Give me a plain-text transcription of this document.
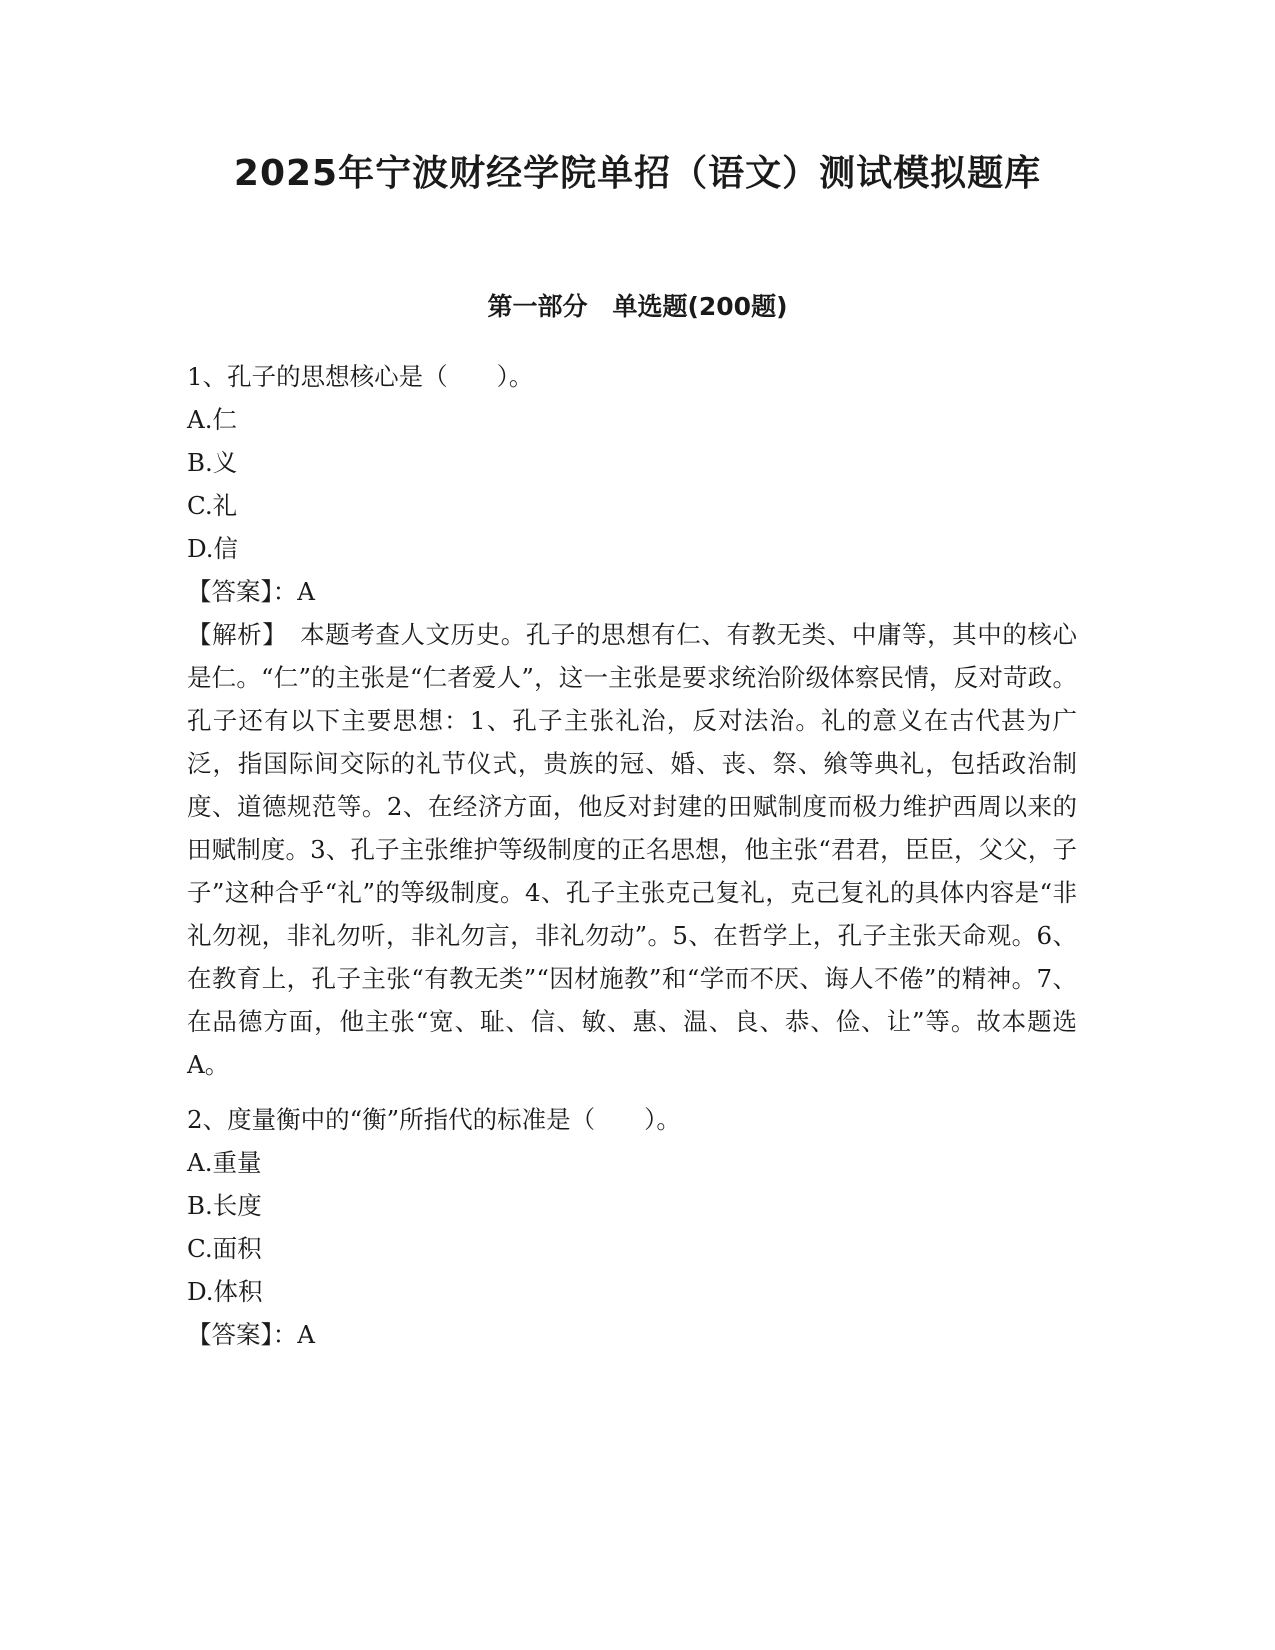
2025年宁波财经学院单招（语文）测试模拟题库
第一部分　单选题(200题)
1、孔子的思想核心是（　　）。
A.仁
B.义
C.礼
D.信
【答案】：A
【解析】　本题考查人文历史。孔子的思想有仁、有教无类、中庸等，其中的核心是仁。“仁”的主张是“仁者爱人”，这一主张是要求统治阶级体察民情，反对苛政。孔子还有以下主要思想：1、孔子主张礼治，反对法治。礼的意义在古代甚为广泛，指国际间交际的礼节仪式，贵族的冠、婚、丧、祭、飨等典礼，包括政治制度、道德规范等。2、在经济方面，他反对封建的田赋制度而极力维护西周以来的田赋制度。3、孔子主张维护等级制度的正名思想，他主张“君君，臣臣，父父，子子”这种合乎“礼”的等级制度。4、孔子主张克己复礼，克己复礼的具体内容是“非礼勿视，非礼勿听，非礼勿言，非礼勿动”。5、在哲学上，孔子主张天命观。6、在教育上，孔子主张“有教无类”“因材施教”和“学而不厌、诲人不倦”的精神。7、在品德方面，他主张“宽、耻、信、敏、惠、温、良、恭、俭、让”等。故本题选A。
2、度量衡中的“衡”所指代的标准是（　　）。
A.重量
B.长度
C.面积
D.体积
【答案】：A
